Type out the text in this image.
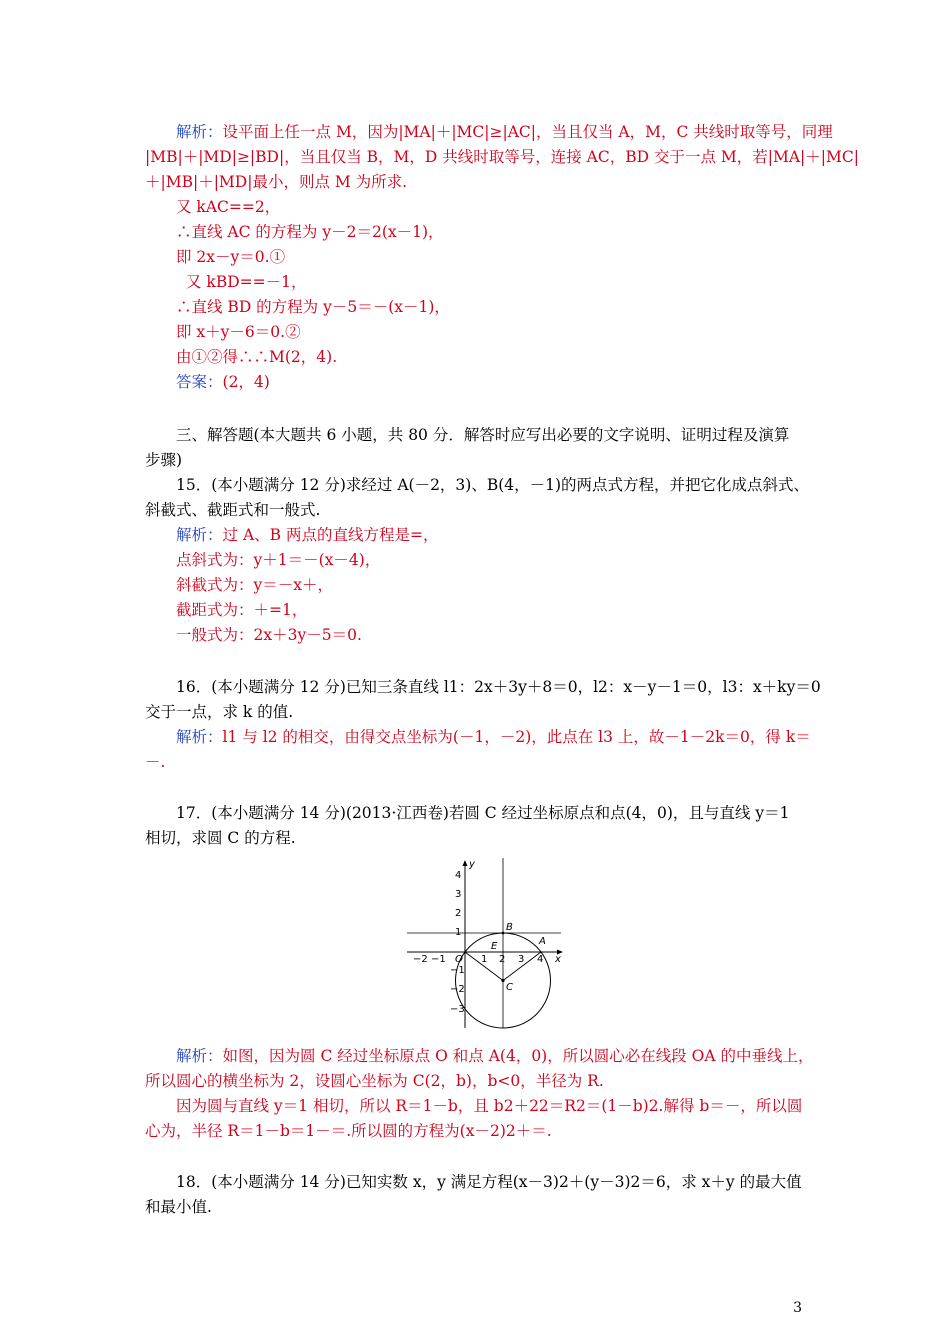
解析：设平面上任一点 M，因为|MA|＋|MC|≥|AC|，当且仅当 A，M，C 共线时取等号，同理
|MB|＋|MD|≥|BD|，当且仅当 B，M，D 共线时取等号，连接 AC，BD 交于一点 M，若|MA|＋|MC|
＋|MB|＋|MD|最小，则点 M 为所求.
又 kAC==2，
∴直线 AC 的方程为 y－2＝2(x－1)，
即 2x－y＝0.①
又 kBD==－1，
∴直线 BD 的方程为 y－5＝－(x－1)，
即 x＋y－6＝0.②
由①②得∴∴M(2，4).
答案：(2，4)
三、解答题(本大题共 6 小题，共 80 分．解答时应写出必要的文字说明、证明过程及演算
步骤)
15．(本小题满分 12 分)求经过 A(－2，3)、B(4，－1)的两点式方程，并把它化成点斜式、
斜截式、截距式和一般式.
解析：过 A、B 两点的直线方程是=，
点斜式为：y＋1＝－(x－4)，
斜截式为：y＝－x＋，
截距式为：＋=1，
一般式为：2x＋3y－5＝0.
16．(本小题满分 12 分)已知三条直线 l1：2x＋3y＋8＝0，l2：x－y－1＝0，l3：x＋ky＝0
交于一点，求 k 的值.
解析：l1 与 l2 的相交，由得交点坐标为(－1，－2)，此点在 l3 上，故－1－2k＝0，得 k＝
－.
17．(本小题满分 14 分)(2013·江西卷)若圆 C 经过坐标原点和点(4，0)，且与直线 y＝1
相切，求圆 C 的方程.
解析：如图，因为圆 C 经过坐标原点 O 和点 A(4，0)，所以圆心必在线段 OA 的中垂线上，
所以圆心的横坐标为 2，设圆心坐标为 C(2，b)，b<0，半径为 R.
因为圆与直线 y＝1 相切，所以 R＝1－b，且 b2＋22＝R2＝(1－b)2.解得 b＝－，所以圆
心为，半径 R＝1－b＝1－＝.所以圆的方程为(x－2)2＋＝.
18．(本小题满分 14 分)已知实数 x，y 满足方程(x－3)2＋(y－3)2＝6，求 x＋y 的最大值
和最小值.
y
x
4
3
2
1
−1
−2
−3
−2 −1 O 1 2 3 4
B
A
E
C
3
